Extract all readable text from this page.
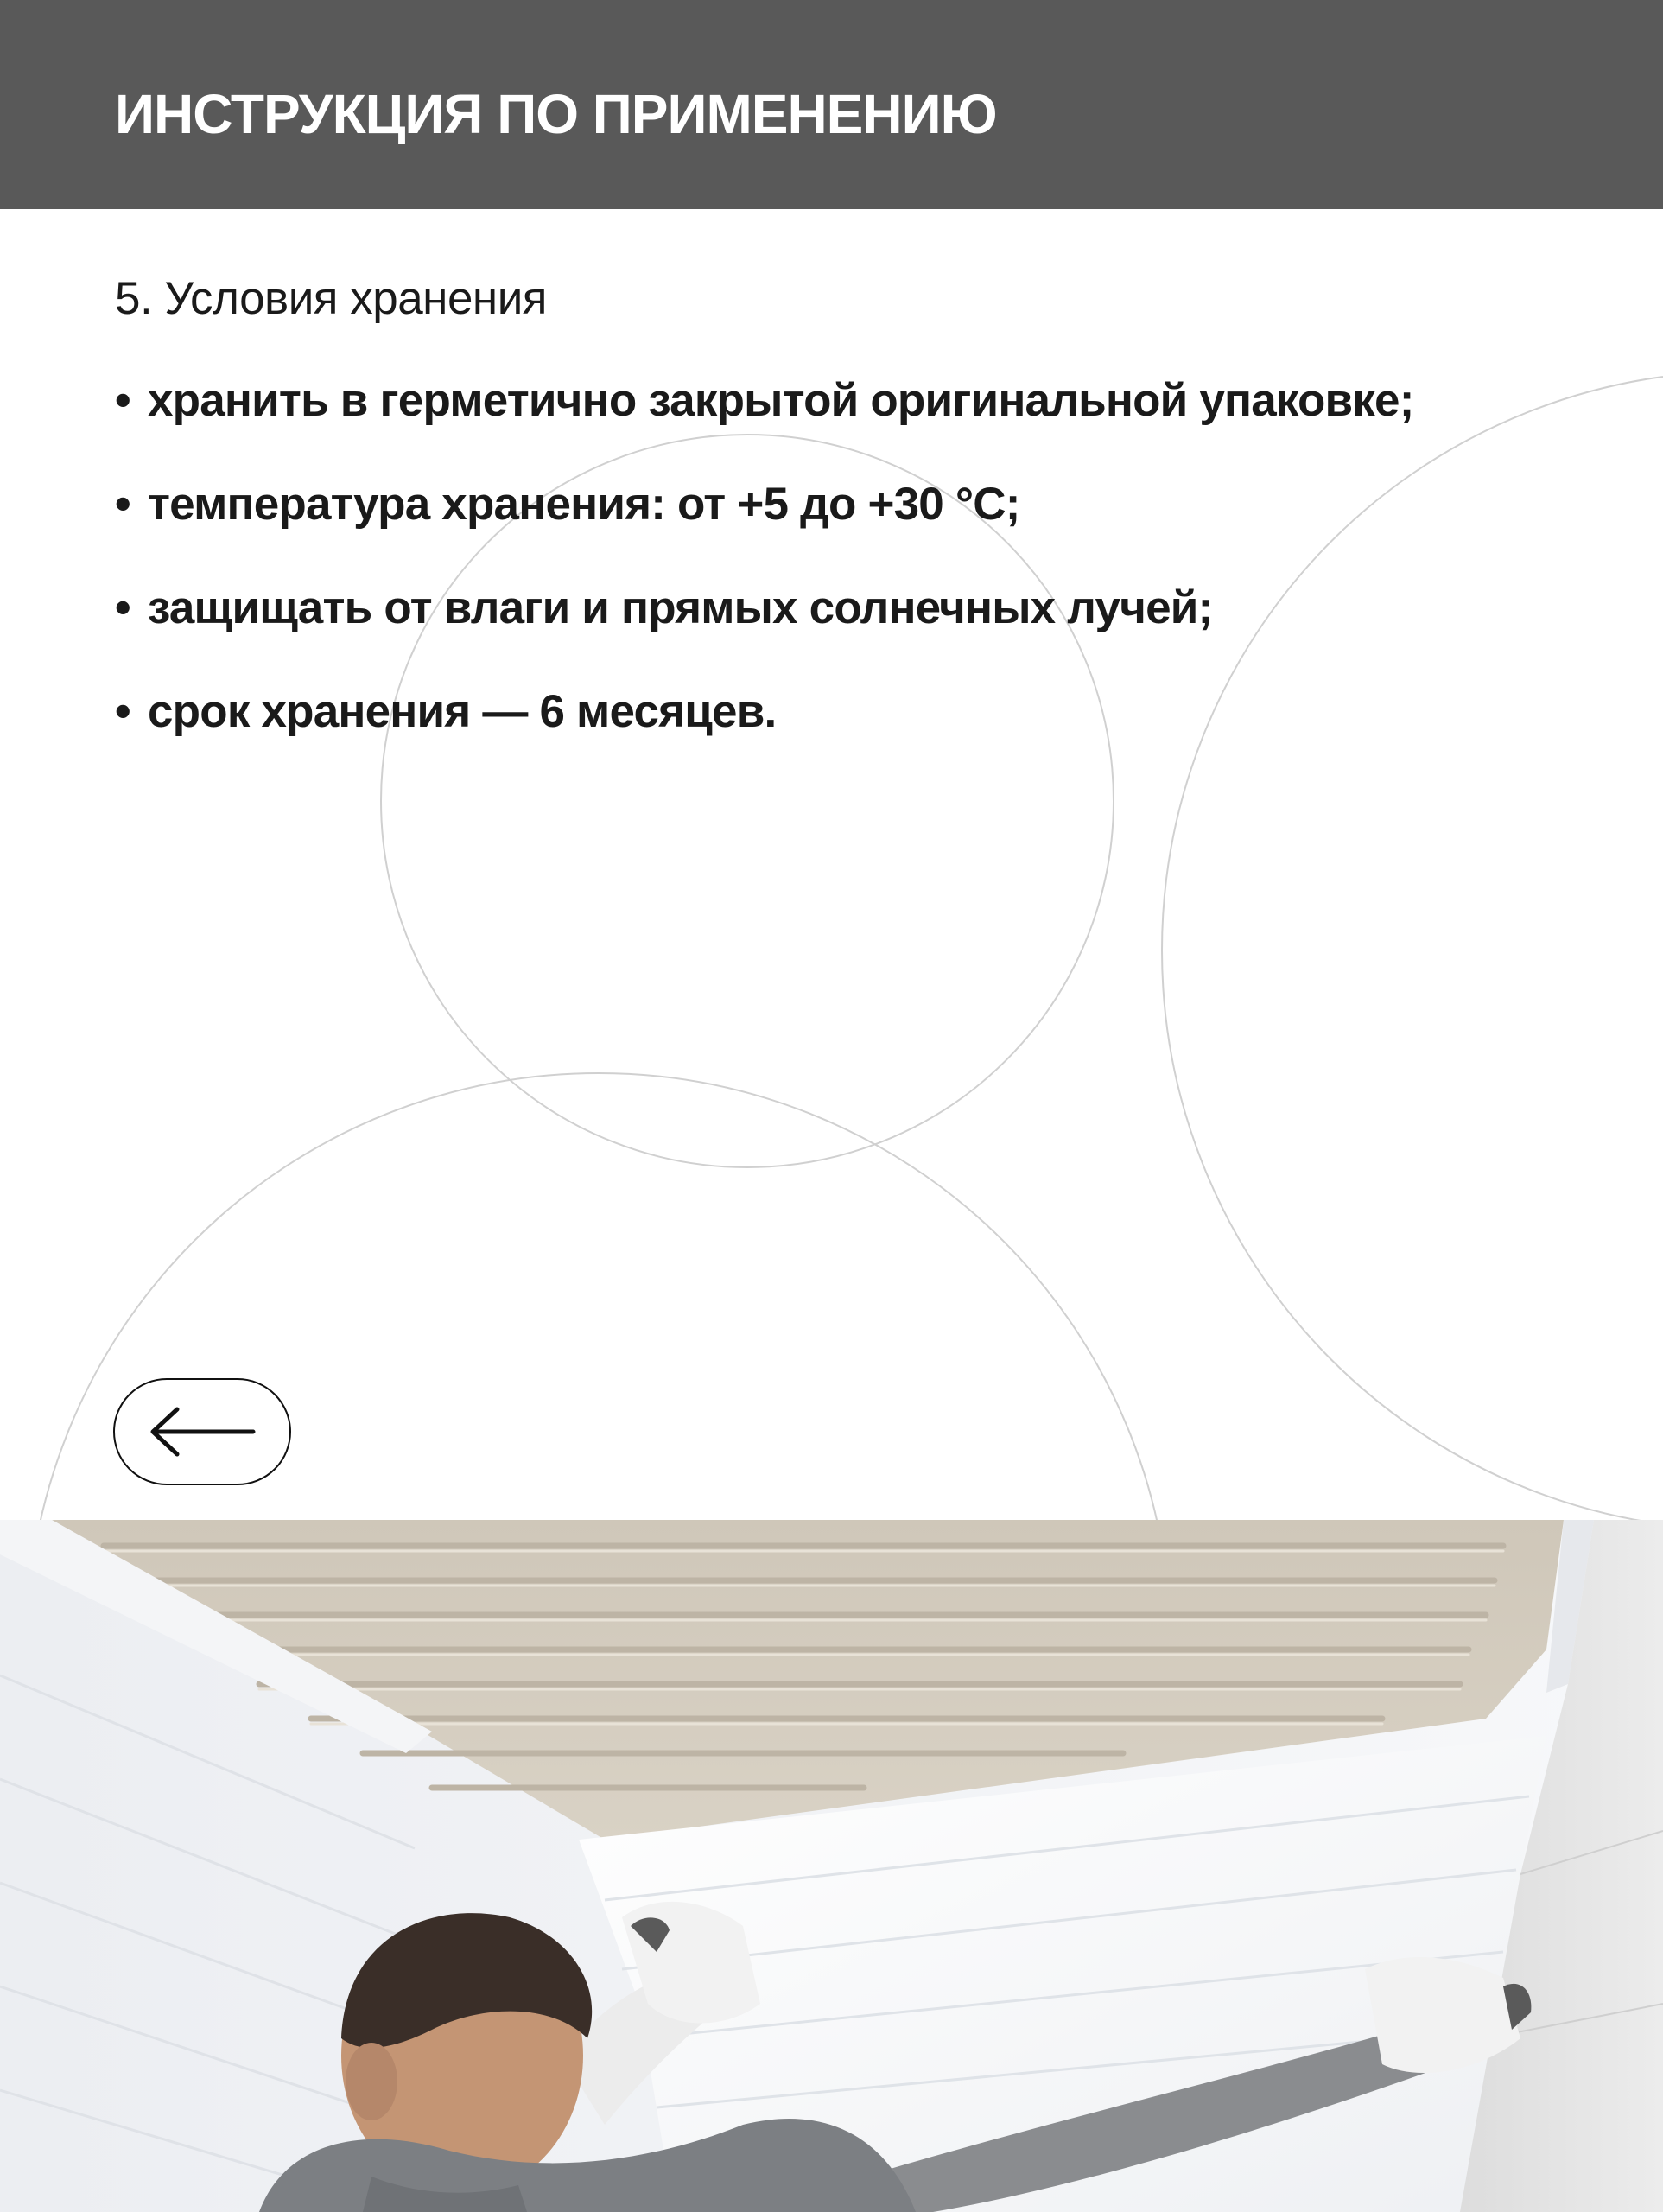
ИНСТРУКЦИЯ ПО ПРИМЕНЕНИЮ
5. Условия хранения
• хранить в герметично закрытой оригинальной упаковке;
• температура хранения: от +5 до +30 °С;
• защищать от влаги и прямых солнечных лучей;
• срок хранения — 6 месяцев.
